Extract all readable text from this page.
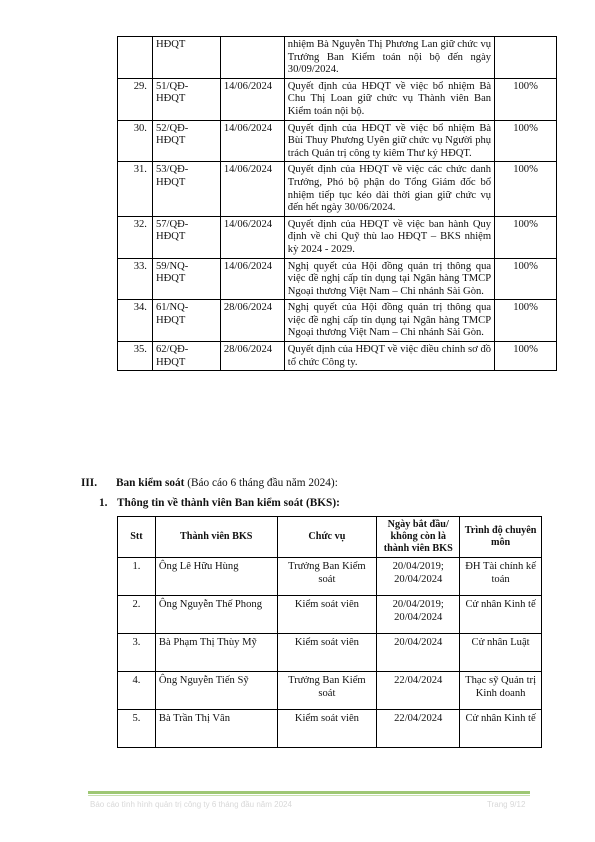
	HĐQT		nhiệm Bà Nguyễn Thị Phương Lan giữ chức vụ Trưởng Ban Kiểm toán nội bộ đến ngày 30/09/2024.	
29.	51/QĐ-HĐQT	14/06/2024	Quyết định của HĐQT về việc bổ nhiệm Bà Chu Thị Loan giữ chức vụ Thành viên Ban Kiểm toán nội bộ.	100%
30.	52/QĐ-HĐQT	14/06/2024	Quyết định của HĐQT về việc bổ nhiệm Bà Bùi Thuy Phương Uyên giữ chức vụ Người phụ trách Quản trị công ty kiêm Thư ký HĐQT.	100%
31.	53/QĐ-HĐQT	14/06/2024	Quyết định của HĐQT về việc các chức danh Trưởng, Phó bộ phận do Tổng Giám đốc bổ nhiệm tiếp tục kéo dài thời gian giữ chức vụ đến hết ngày 30/06/2024.	100%
32.	57/QĐ-HĐQT	14/06/2024	Quyết định của HĐQT về việc ban hành Quy định về chi Quỹ thù lao HĐQT – BKS nhiệm kỳ 2024 - 2029.	100%
33.	59/NQ-HĐQT	14/06/2024	Nghị quyết của Hội đồng quản trị thông qua việc đề nghị cấp tín dụng tại Ngân hàng TMCP Ngoại thương Việt Nam – Chi nhánh Sài Gòn.	100%
34.	61/NQ-HĐQT	28/06/2024	Nghị quyết của Hội đồng quản trị thông qua việc đề nghị cấp tín dụng tại Ngân hàng TMCP Ngoại thương Việt Nam – Chi nhánh Sài Gòn.	100%
35.	62/QĐ-HĐQT	28/06/2024	Quyết định của HĐQT về việc điều chỉnh sơ đồ tổ chức Công ty.	100%
III. Ban kiểm soát (Báo cáo 6 tháng đầu năm 2024):
1. Thông tin về thành viên Ban kiểm soát (BKS):
Stt	Thành viên BKS	Chức vụ	Ngày bắt đầu/ không còn là thành viên BKS	Trình độ chuyên môn
1.	Ông Lê Hữu Hùng	Trưởng Ban Kiểm soát	20/04/2019; 20/04/2024	ĐH Tài chính kế toán
2.	Ông Nguyễn Thế Phong	Kiểm soát viên	20/04/2019; 20/04/2024	Cử nhân Kinh tế
3.	Bà Phạm Thị Thùy Mỹ	Kiểm soát viên	20/04/2024	Cử nhân Luật
4.	Ông Nguyễn Tiến Sỹ	Trưởng Ban Kiểm soát	22/04/2024	Thạc sỹ Quản trị Kinh doanh
5.	Bà Trần Thị Vân	Kiểm soát viên	22/04/2024	Cử nhân Kinh tế
Báo cáo tình hình quản trị công ty 6 tháng đầu năm 2024	Trang 9/12
